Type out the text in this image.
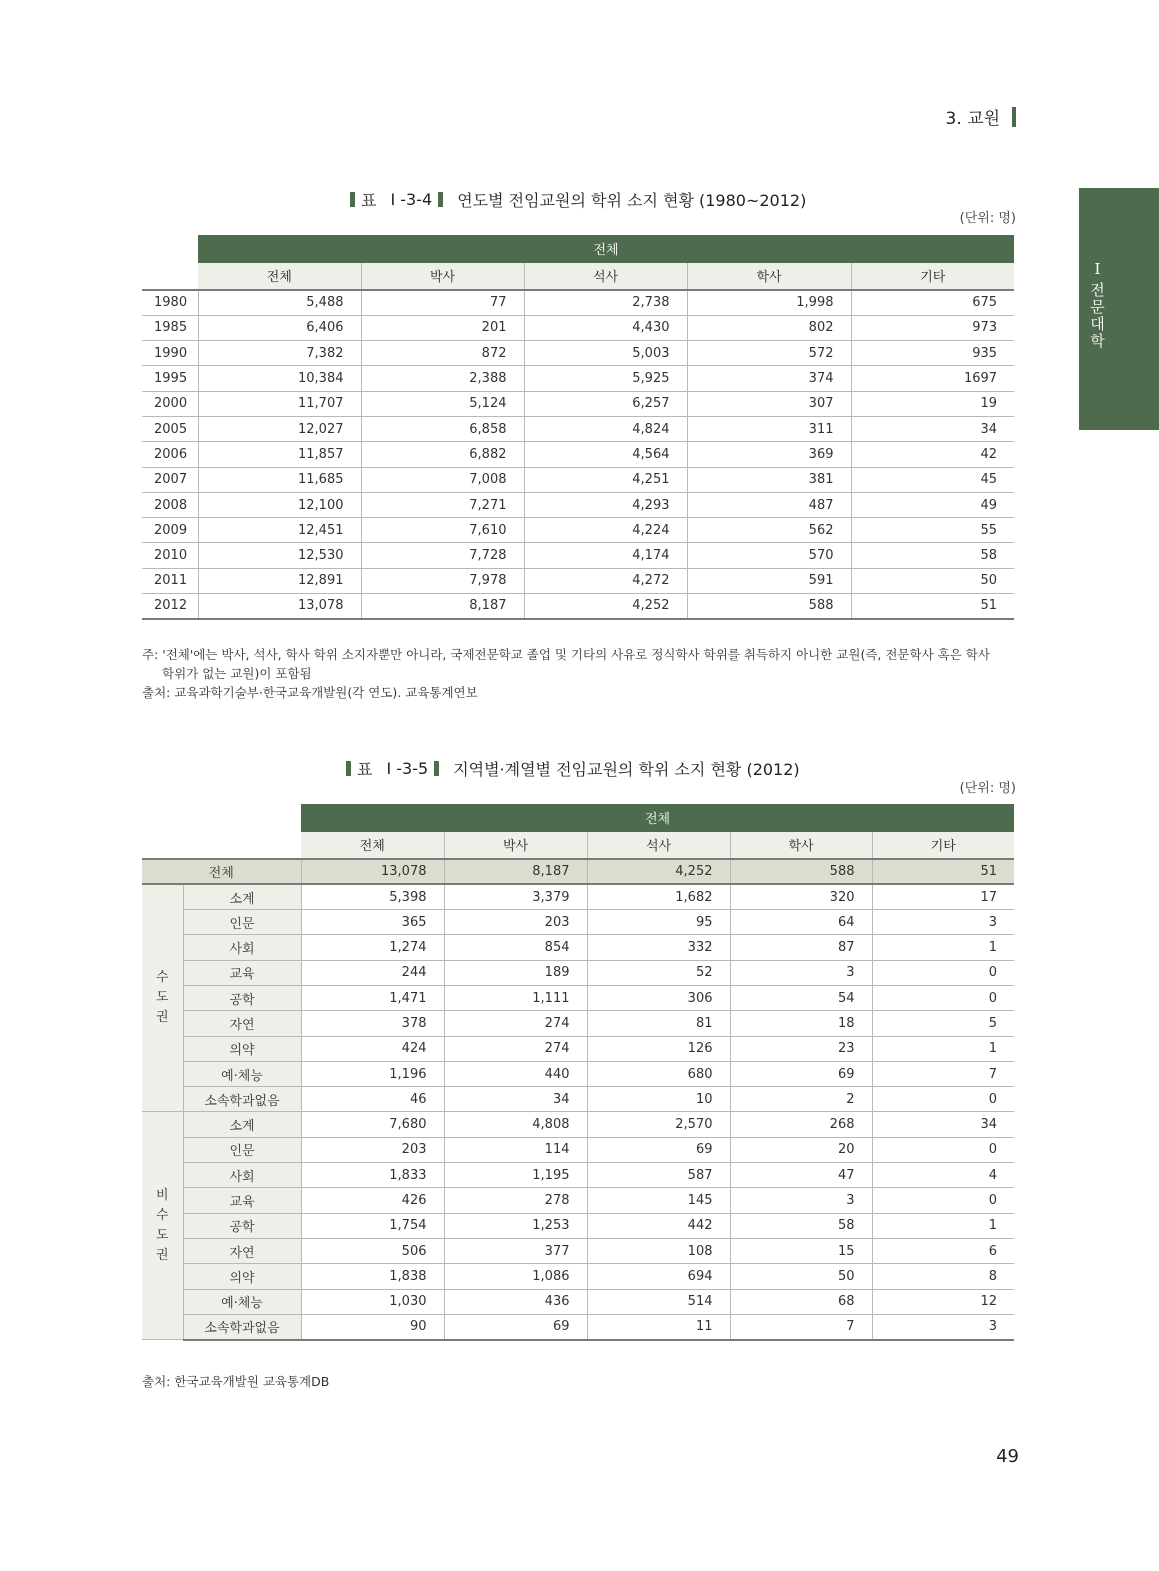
3. 교원
I
전
문
대
학
표 I -3-4 연도별 전임교원의 학위 소지 현황 (1980~2012)
(단위: 명)
	전체				
	전체	박사	석사	학사	기타
1980	5,488	77	2,738	1,998	675
1985	6,406	201	4,430	802	973
1990	7,382	872	5,003	572	935
1995	10,384	2,388	5,925	374	1697
2000	11,707	5,124	6,257	307	19
2005	12,027	6,858	4,824	311	34
2006	11,857	6,882	4,564	369	42
2007	11,685	7,008	4,251	381	45
2008	12,100	7,271	4,293	487	49
2009	12,451	7,610	4,224	562	55
2010	12,530	7,728	4,174	570	58
2011	12,891	7,978	4,272	591	50
2012	13,078	8,187	4,252	588	51
주: '전체'에는 박사, 석사, 학사 학위 소지자뿐만 아니라, 국제전문학교 졸업 및 기타의 사유로 정식학사 학위를 취득하지 아니한 교원(즉, 전문학사 혹은 학사
학위가 없는 교원)이 포함됨
출처: 교육과학기술부·한국교육개발원(각 연도). 교육통계연보
표 I -3-5 지역별·계열별 전임교원의 학위 소지 현황 (2012)
(단위: 명)
		전체				
		전체	박사	석사	학사	기타
전체		13,078	8,187	4,252	588	51

수
도
권	소계	5,398	3,379	1,682	320	17
	인문	365	203	95	64	3
	사회	1,274	854	332	87	1
	교육	244	189	52	3	0
	공학	1,471	1,111	306	54	0
	자연	378	274	81	18	5
	의약	424	274	126	23	1
	예·체능	1,196	440	680	69	7
	소속학과없음	46	34	10	2	0

비
수
도
권	소계	7,680	4,808	2,570	268	34
	인문	203	114	69	20	0
	사회	1,833	1,195	587	47	4
	교육	426	278	145	3	0
	공학	1,754	1,253	442	58	1
	자연	506	377	108	15	6
	의약	1,838	1,086	694	50	8
	예·체능	1,030	436	514	68	12
	소속학과없음	90	69	11	7	3
출처: 한국교육개발원 교육통계DB
49
